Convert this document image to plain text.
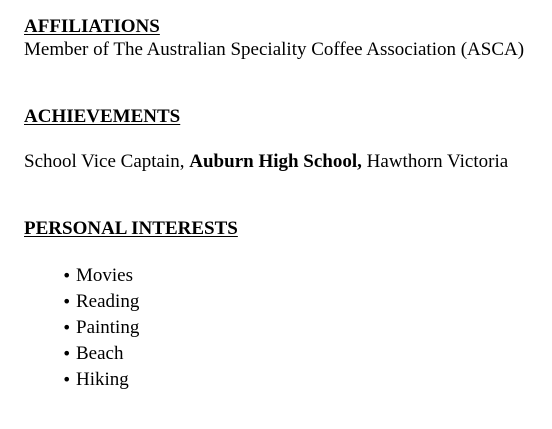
AFFILIATIONS

Member of The Australian Speciality Coffee Association (ASCA)

ACHIEVEMENTS

School Vice Captain, Auburn High School, Hawthorn Victoria

PERSONAL INTERESTS

• Movies
• Reading
• Painting
• Beach
• Hiking
